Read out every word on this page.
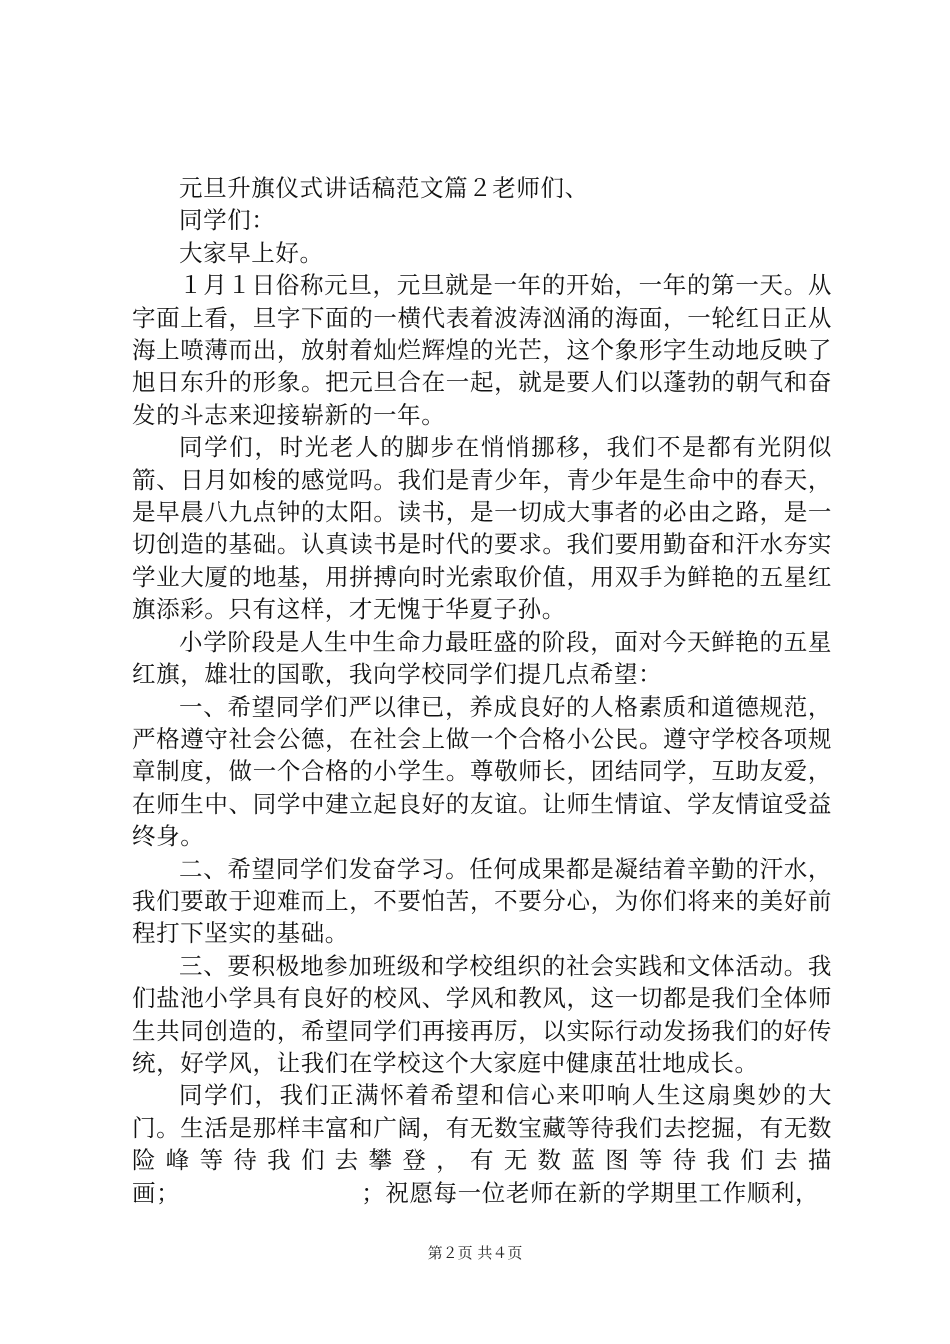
元旦升旗仪式讲话稿范文篇２老师们、

同学们：

大家早上好。

１月１日俗称元旦，元旦就是一年的开始，一年的第一天。从字面上看，旦字下面的一横代表着波涛汹涌的海面，一轮红日正从海上喷薄而出，放射着灿烂辉煌的光芒，这个象形字生动地反映了旭日东升的形象。把元旦合在一起，就是要人们以蓬勃的朝气和奋发的斗志来迎接崭新的一年。

同学们，时光老人的脚步在悄悄挪移，我们不是都有光阴似箭、日月如梭的感觉吗。我们是青少年，青少年是生命中的春天，是早晨八九点钟的太阳。读书，是一切成大事者的必由之路，是一切创造的基础。认真读书是时代的要求。我们要用勤奋和汗水夯实学业大厦的地基，用拼搏向时光索取价值，用双手为鲜艳的五星红旗添彩。只有这样，才无愧于华夏子孙。

小学阶段是人生中生命力最旺盛的阶段，面对今天鲜艳的五星红旗，雄壮的国歌，我向学校同学们提几点希望：

一、希望同学们严以律已，养成良好的人格素质和道德规范，严格遵守社会公德，在社会上做一个合格小公民。遵守学校各项规章制度，做一个合格的小学生。尊敬师长，团结同学，互助友爱，在师生中、同学中建立起良好的友谊。让师生情谊、学友情谊受益终身。

二、希望同学们发奋学习。任何成果都是凝结着辛勤的汗水，我们要敢于迎难而上，不要怕苦，不要分心，为你们将来的美好前程打下坚实的基础。

三、要积极地参加班级和学校组织的社会实践和文体活动。我们盐池小学具有良好的校风、学风和教风，这一切都是我们全体师生共同创造的，希望同学们再接再厉，以实际行动发扬我们的好传统，好学风，让我们在学校这个大家庭中健康茁壮地成长。

同学们，我们正满怀着希望和信心来叩响人生这扇奥妙的大门。生活是那样丰富和广阔，有无数宝藏等待我们去挖掘，有无数险峰等待我们去攀登，有无数蓝图等待我们去描画；　　　　　　　　；祝愿每一位老师在新的学期里工作顺利，

第２页 共４页
